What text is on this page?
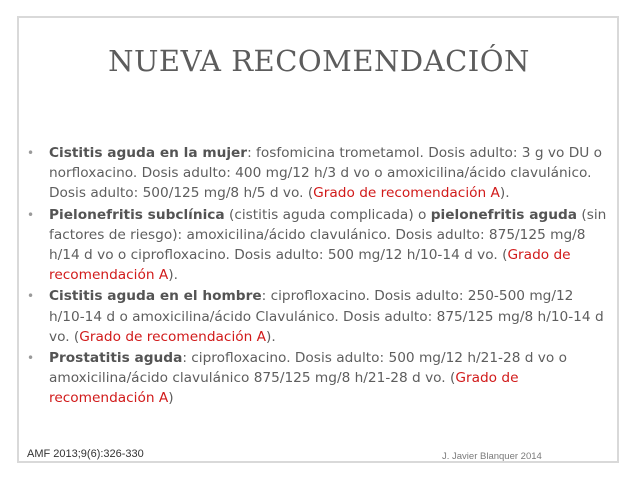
NUEVA RECOMENDACIÓN
• Cistitis aguda en la mujer: fosfomicina trometamol. Dosis adulto: 3 g vo DU o norfloxacino. Dosis adulto: 400 mg/12 h/3 d vo o amoxicilina/ácido clavulánico. Dosis adulto: 500/125 mg/8 h/5 d vo. (Grado de recomendación A).
• Pielonefritis subclínica (cistitis aguda complicada) o pielonefritis aguda (sin factores de riesgo): amoxicilina/ácido clavulánico. Dosis adulto: 875/125 mg/8 h/14 d vo o ciprofloxacino. Dosis adulto: 500 mg/12 h/10-14 d vo. (Grado de recomendación A).
• Cistitis aguda en el hombre: ciprofloxacino. Dosis adulto: 250-500 mg/12 h/10-14 d o amoxicilina/ácido Clavulánico. Dosis adulto: 875/125 mg/8 h/10-14 d vo. (Grado de recomendación A).
• Prostatitis aguda: ciprofloxacino. Dosis adulto: 500 mg/12 h/21-28 d vo o amoxicilina/ácido clavulánico 875/125 mg/8 h/21-28 d vo. (Grado de recomendación A)
AMF 2013;9(6):326-330	J. Javier Blanquer 2014
